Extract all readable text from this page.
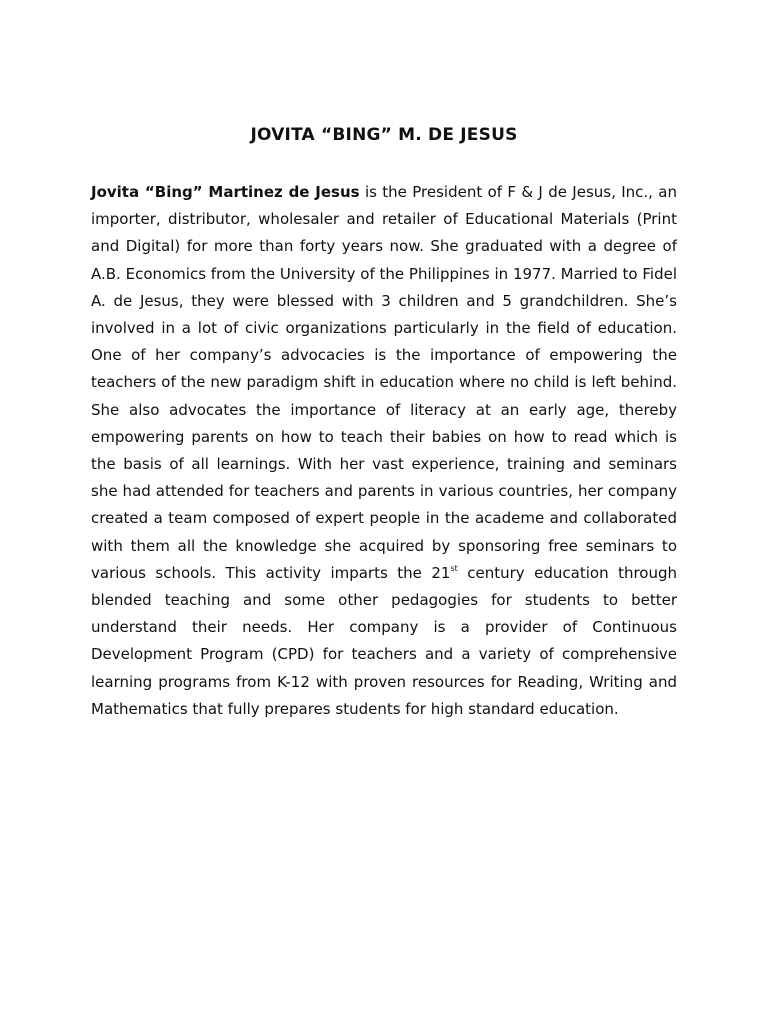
JOVITA “BING” M. DE JESUS

Jovita “Bing” Martinez de Jesus is the President of F & J de Jesus, Inc., an importer, distributor, wholesaler and retailer of Educational Materials (Print and Digital) for more than forty years now. She graduated with a degree of A.B. Economics from the University of the Philippines in 1977. Married to Fidel A. de Jesus, they were blessed with 3 children and 5 grandchildren. She’s involved in a lot of civic organizations particularly in the field of education. One of her company’s advocacies is the importance of empowering the teachers of the new paradigm shift in education where no child is left behind. She also advocates the importance of literacy at an early age, thereby empowering parents on how to teach their babies on how to read which is the basis of all learnings. With her vast experience, training and seminars she had attended for teachers and parents in various countries, her company created a team composed of expert people in the academe and collaborated with them all the knowledge she acquired by sponsoring free seminars to various schools. This activity imparts the 21st century education through blended teaching and some other pedagogies for students to better understand their needs. Her company is a provider of Continuous Development Program (CPD) for teachers and a variety of comprehensive learning programs from K-12 with proven resources for Reading, Writing and Mathematics that fully prepares students for high standard education.
